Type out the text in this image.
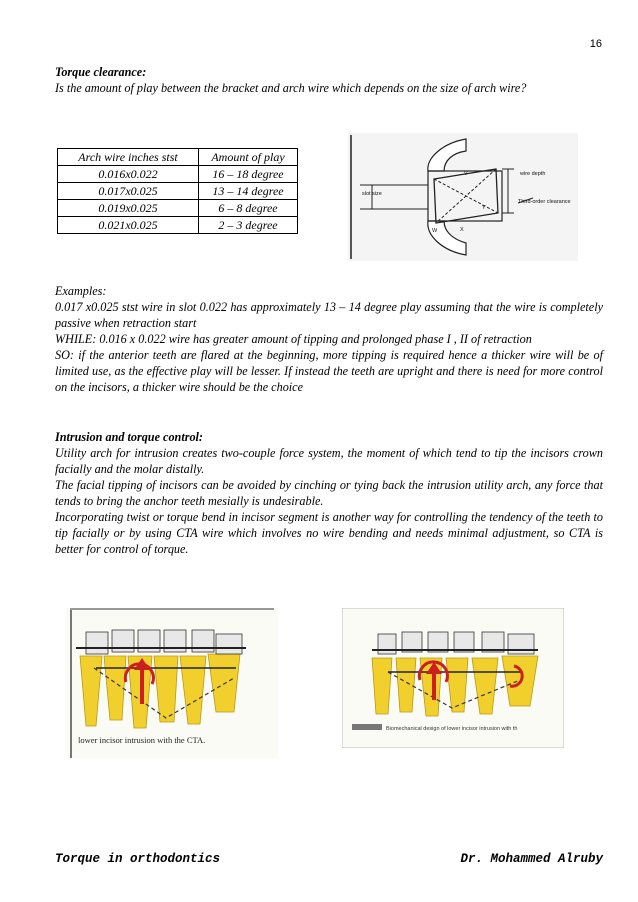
16
Torque clearance:
Is the amount of play between the bracket and arch wire which depends on the size of arch wire?
Arch wire inches stst	Amount of play
0.016x0.022	16 – 18 degree
0.017x0.025	13 – 14 degree
0.019x0.025	6 – 8 degree
0.021x0.025	2 – 3 degree
slot size
wire depth
Third-order clearance
V
W	X
Y
Examples:
0.017 x0.025 stst wire in slot 0.022 has approximately 13 – 14 degree play assuming that the wire is completely passive when retraction start
WHILE: 0.016 x 0.022 wire has greater amount of tipping and prolonged phase I , II of retraction
SO: if the anterior teeth are flared at the beginning, more tipping is required hence a thicker wire will be of limited use, as the effective play will be lesser. If instead the teeth are upright and there is need for more control on the incisors, a thicker wire should be the choice
Intrusion and torque control:
Utility arch for intrusion creates two-couple force system, the moment of which tend to tip the incisors crown facially and the molar distally.
The facial tipping of incisors can be avoided by cinching or tying back the intrusion utility arch, any force that tends to bring the anchor teeth mesially is undesirable.
Incorporating twist or torque bend in incisor segment is another way for controlling the tendency of the teeth to tip facially or by using CTA wire which involves no wire bending and needs minimal adjustment, so CTA is better for control of torque.
lower incisor intrusion with the CTA.
Biomechanical design of lower incisor intrusion with th
Torque in orthodontics	Dr. Mohammed Alruby
